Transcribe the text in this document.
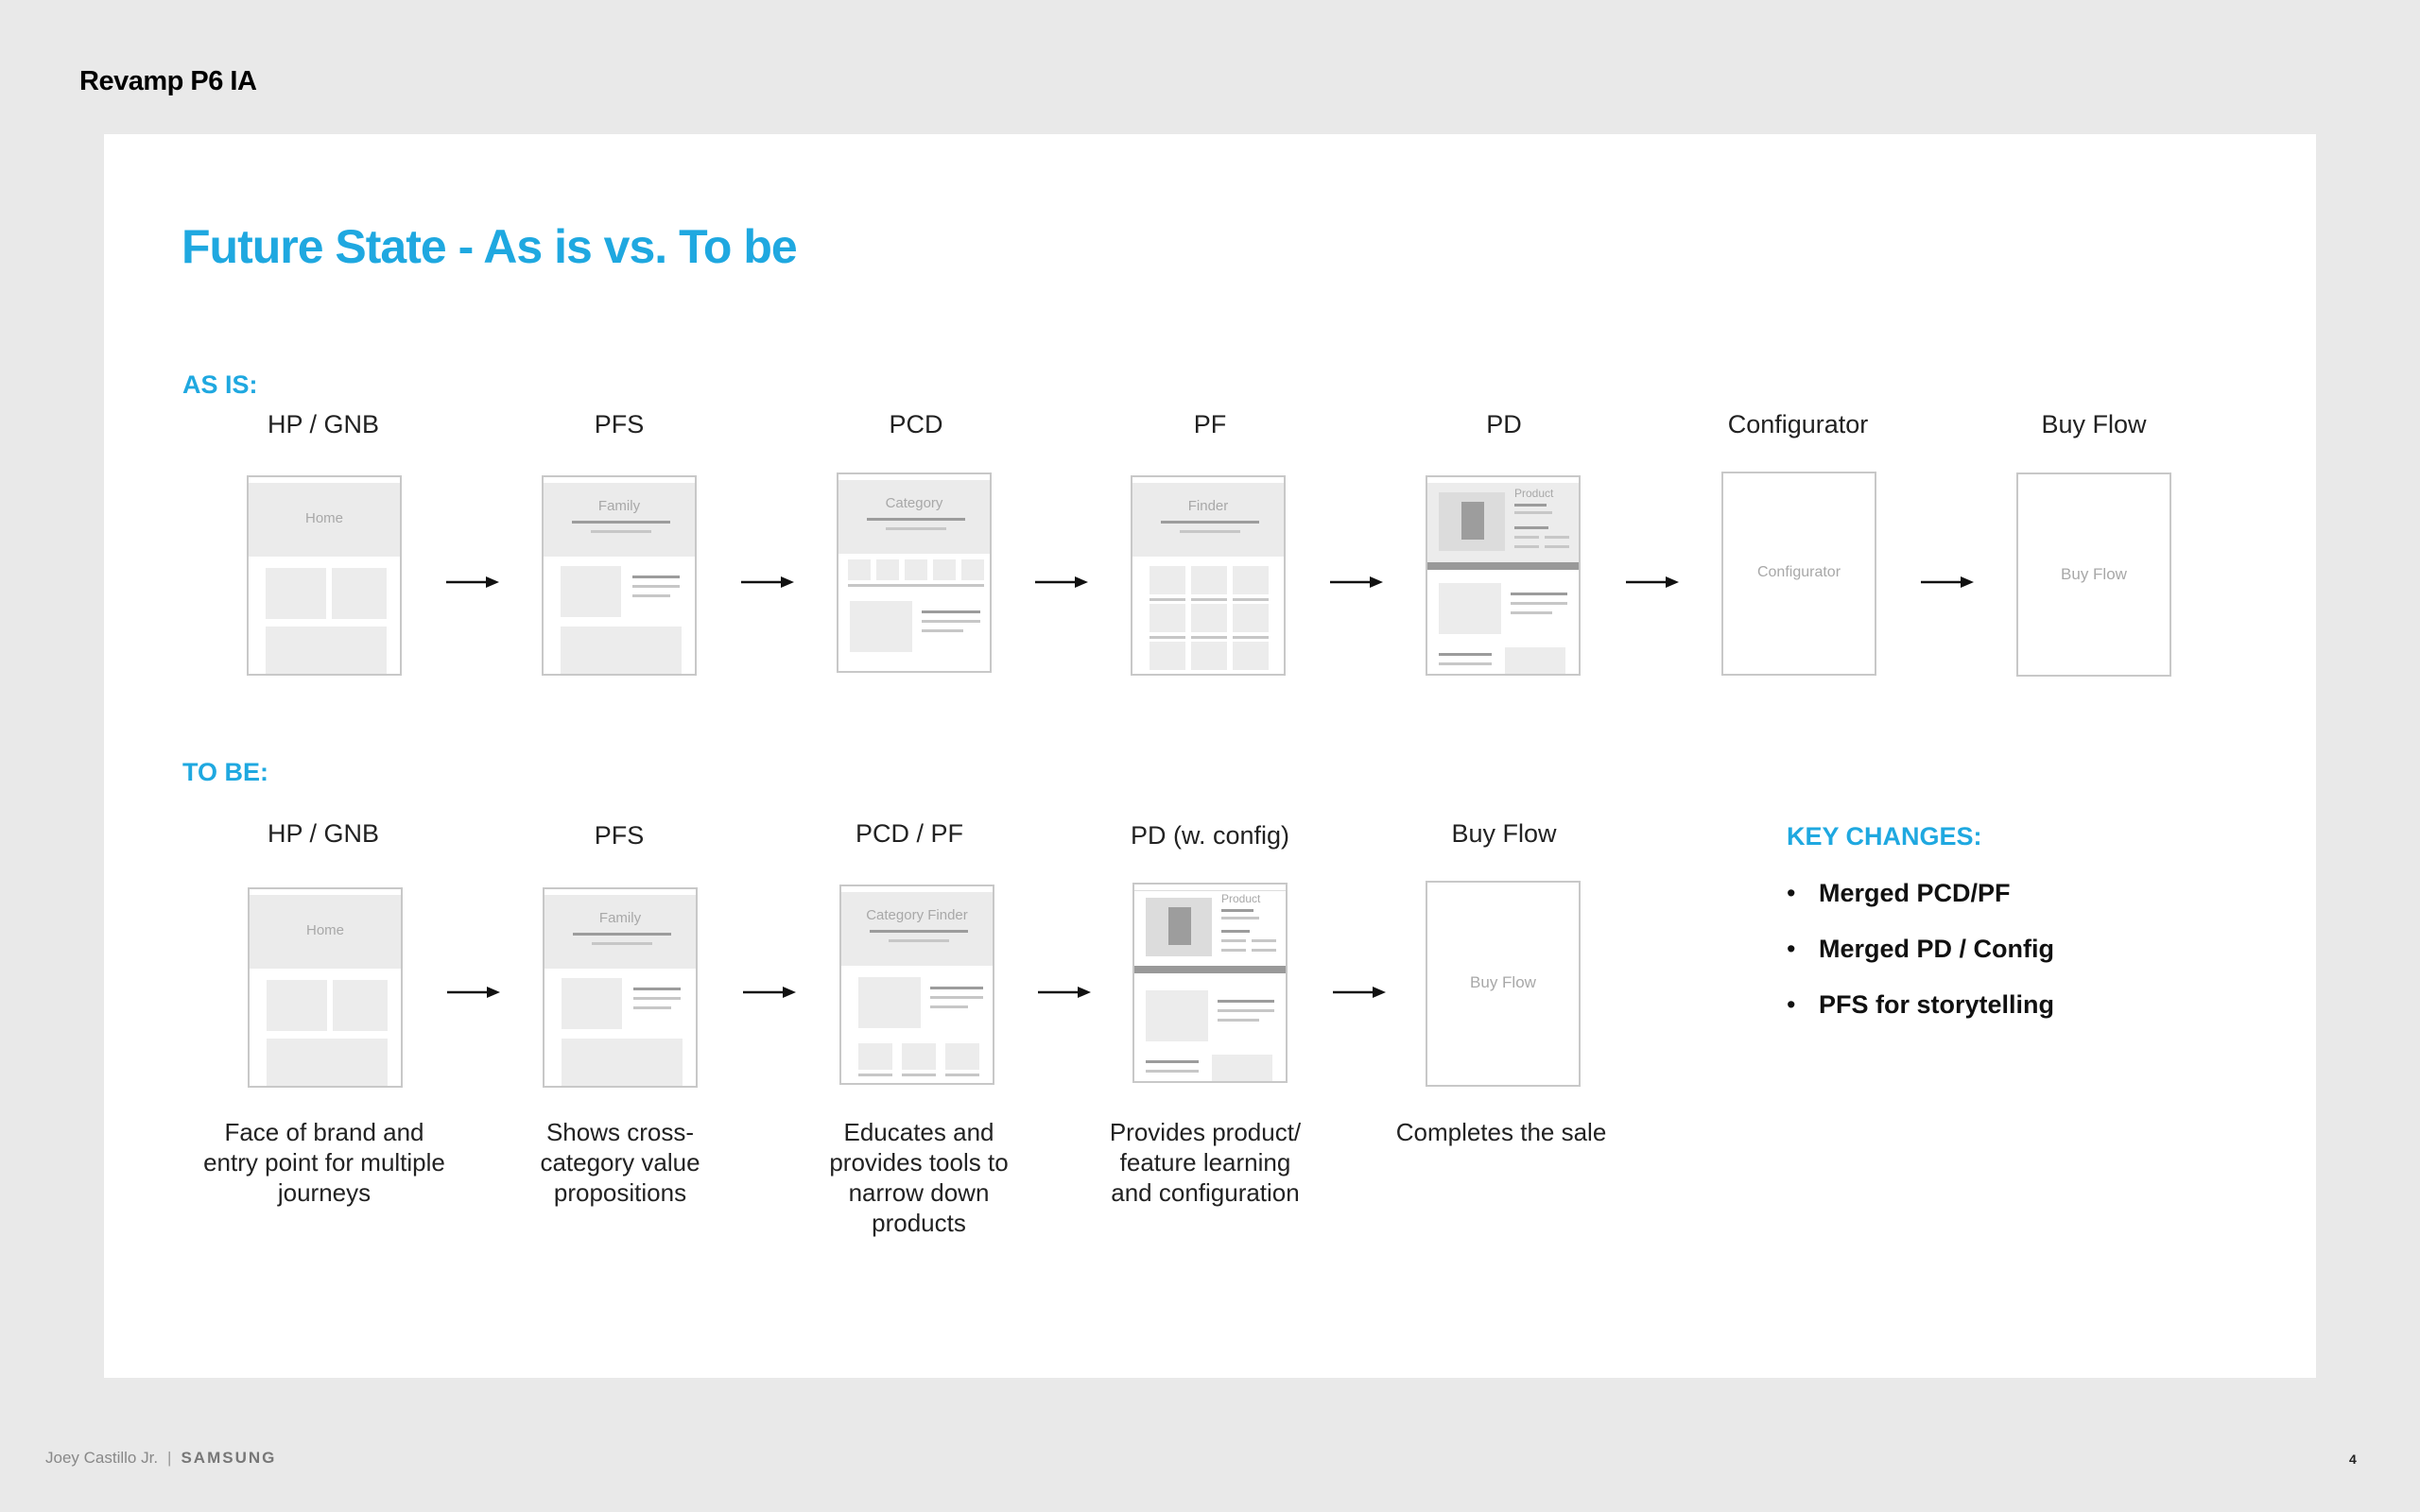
Revamp P6 IA
Future State - As is vs. To be
AS IS:
HP / GNB	PFS	PCD	PF	PD	Configurator	Buy Flow
Home
Family	Category	Finder
Product
Configurator	Buy Flow
TO BE:
HP / GNB	PFS	PCD / PF	PD (w. config)	Buy Flow
Home
Family	Category Finder
Product
Buy Flow
Face of brand and entry point for multiple journeys
Shows cross-category value propositions
Educates and provides tools to narrow down products
Provides product/ feature learning and configuration
Completes the sale
KEY CHANGES:
• Merged PCD/PF
• Merged PD / Config
• PFS for storytelling
Joey Castillo Jr. | SAMSUNG	4
